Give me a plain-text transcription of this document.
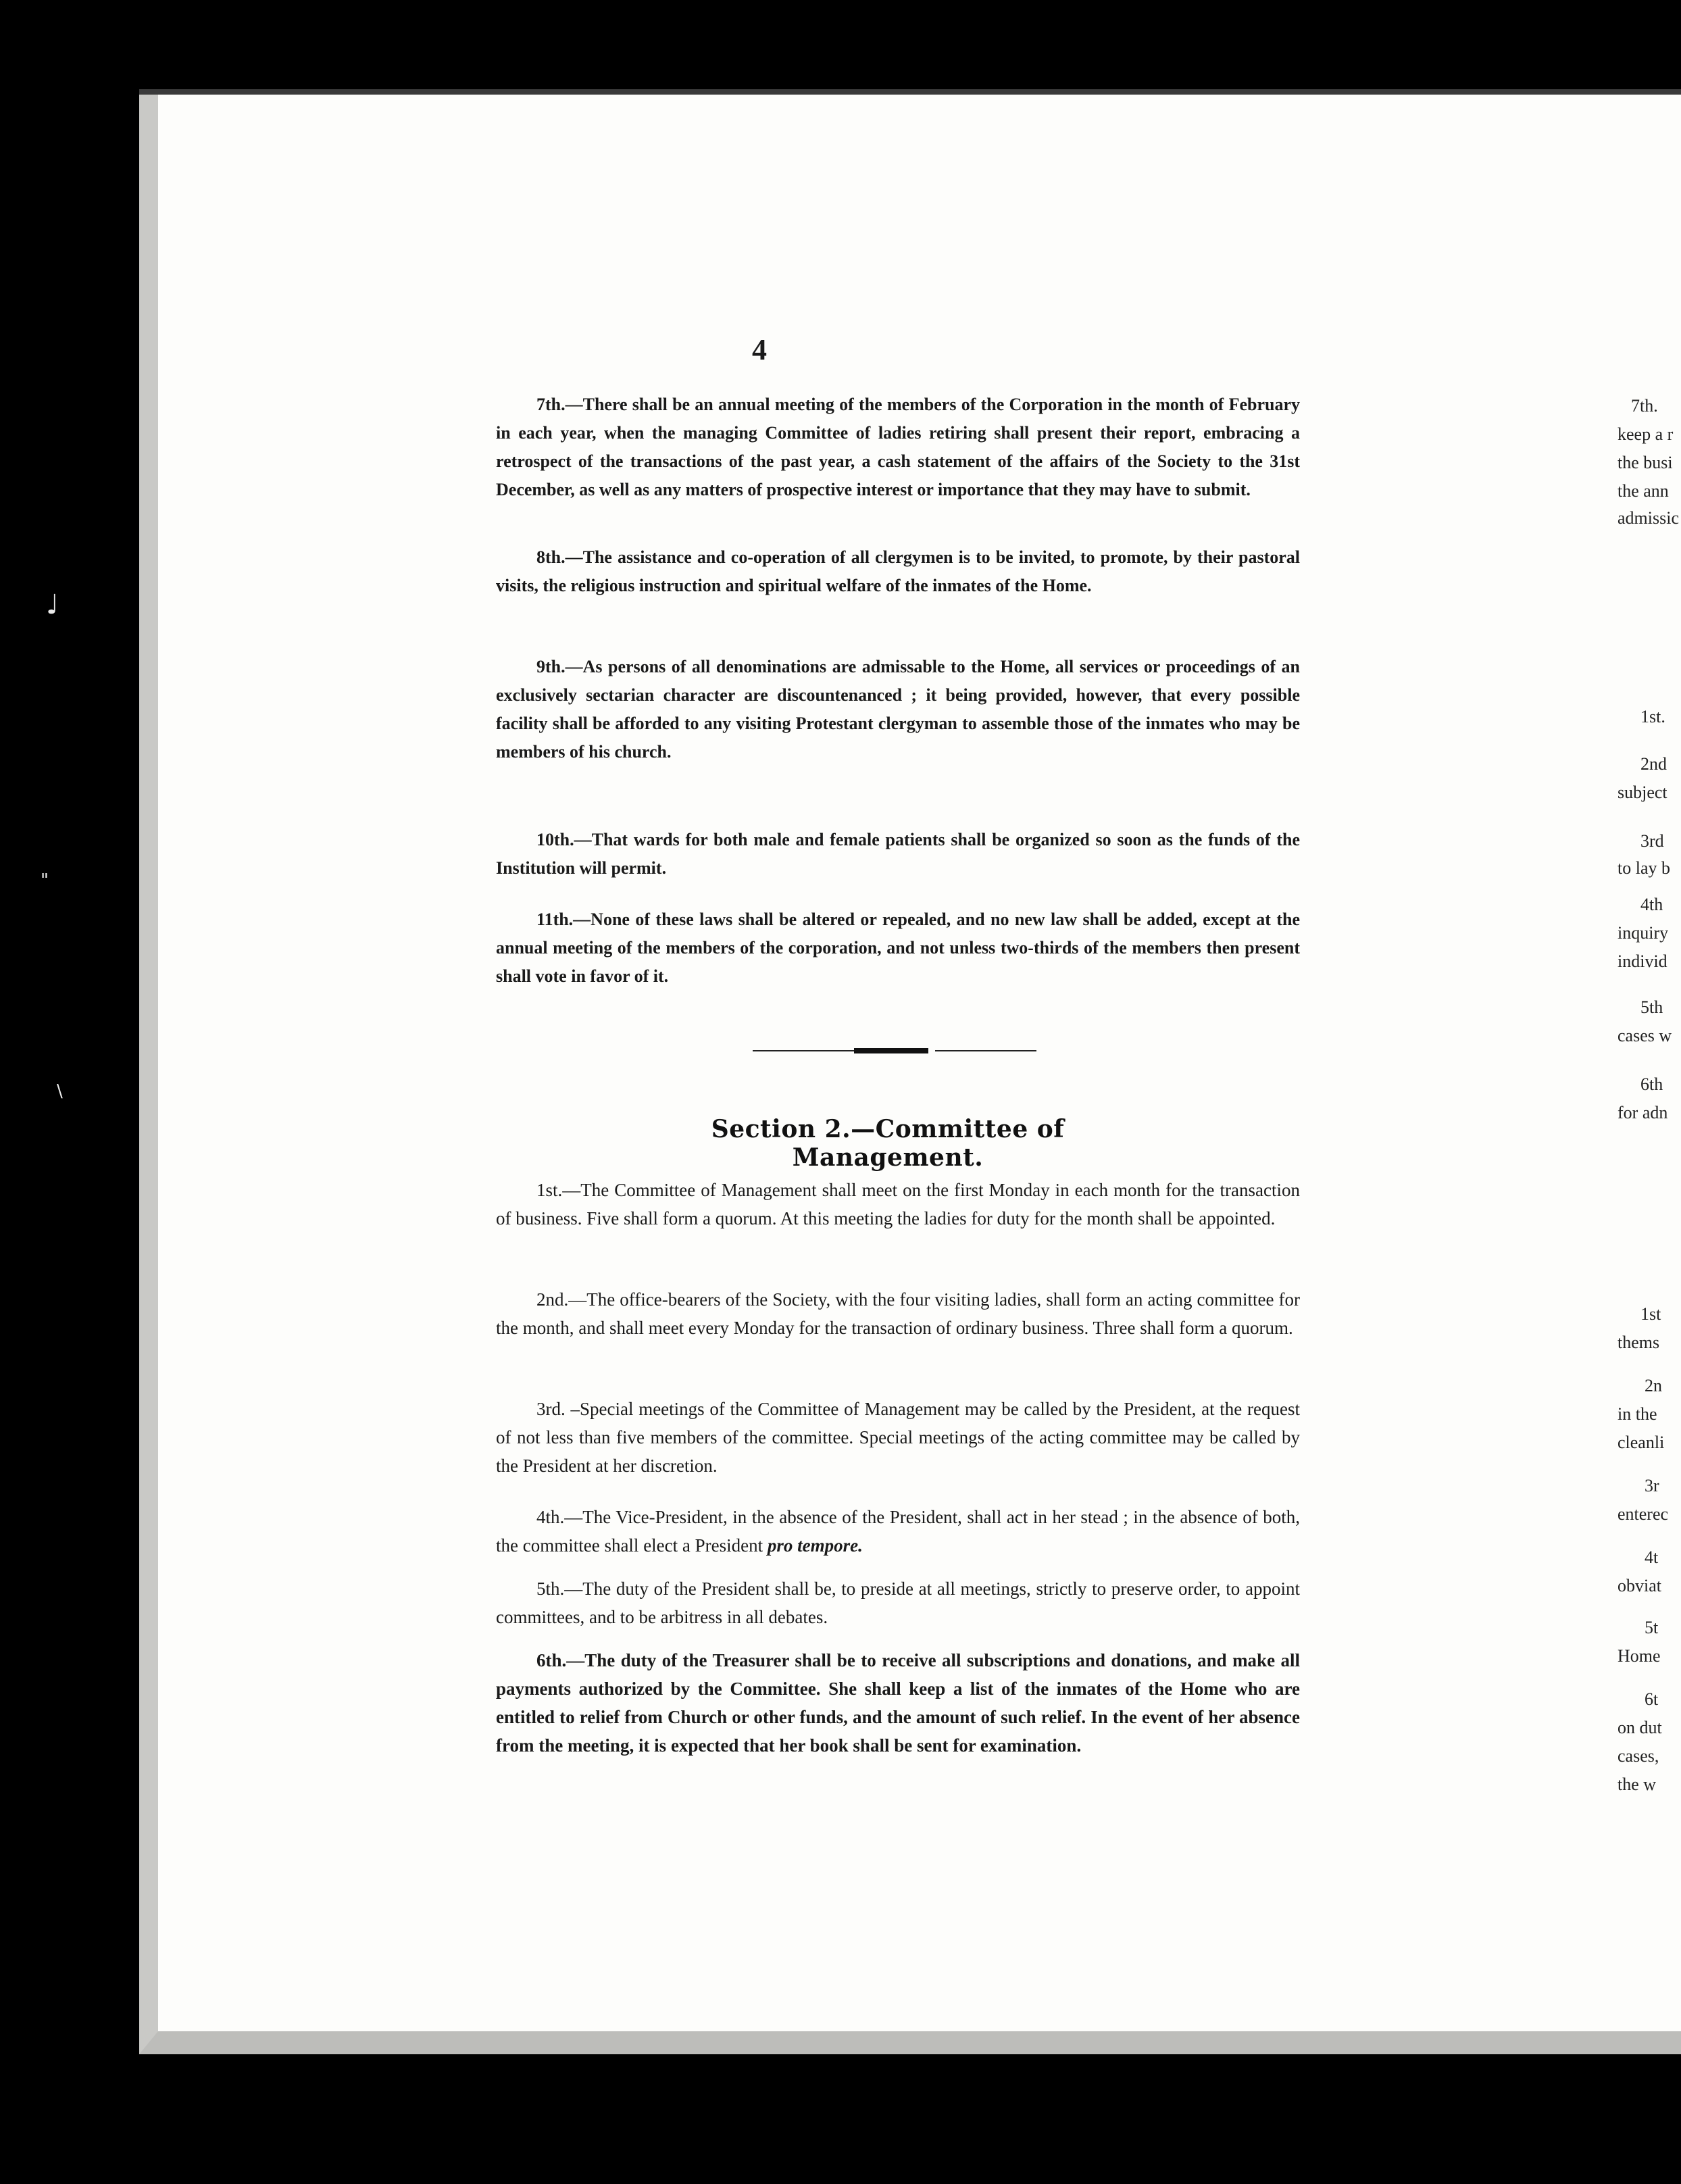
♩
"
\
4

7th.—There shall be an annual meeting of the members of the Corporation in the month of February in each year, when the managing Committee of ladies retiring shall present their report, embracing a retrospect of the transactions of the past year, a cash statement of the affairs of the Society to the 31st December, as well as any matters of prospective interest or importance that they may have to submit.

8th.—The assistance and co-operation of all clergymen is to be invited, to promote, by their pastoral visits, the religious instruction and spiritual welfare of the inmates of the Home.

9th.—As persons of all denominations are admissable to the Home, all services or proceedings of an exclusively sectarian character are discountenanced ; it being provided, however, that every possible facility shall be afforded to any visiting Protestant clergyman to assemble those of the inmates who may be members of his church.

10th.—That wards for both male and female patients shall be organized so soon as the funds of the Institution will permit.

11th.—None of these laws shall be altered or repealed, and no new law shall be added, except at the annual meeting of the members of the corporation, and not unless two-thirds of the members then present shall vote in favor of it.

Section 2.—Committee of Management.

1st.—The Committee of Management shall meet on the first Monday in each month for the transaction of business. Five shall form a quorum. At this meeting the ladies for duty for the month shall be appointed.

2nd.—The office-bearers of the Society, with the four visiting ladies, shall form an acting committee for the month, and shall meet every Monday for the transaction of ordinary business. Three shall form a quorum.

3rd. –Special meetings of the Committee of Management may be called by the President, at the request of not less than five members of the committee. Special meetings of the acting committee may be called by the President at her discretion.

4th.—The Vice-President, in the absence of the President, shall act in her stead ; in the absence of both, the committee shall elect a President pro tempore.

5th.—The duty of the President shall be, to preside at all meetings, strictly to preserve order, to appoint committees, and to be arbitress in all debates.

6th.—The duty of the Treasurer shall be to receive all subscriptions and donations, and make all payments authorized by the Committee. She shall keep a list of the inmates of the Home who are entitled to relief from Church or other funds, and the amount of such relief. In the event of her absence from the meeting, it is expected that her book shall be sent for examination.

7th.
keep a r
the busi
the ann
admissic
1st.
2nd
subject
3rd
to lay b
4th
inquiry
individ
5th
cases w
6th
for adn
1st
thems
2n
in the
cleanli
3r
enterec
4t
obviat
5t
Home
6t
on dut
cases,
the w
